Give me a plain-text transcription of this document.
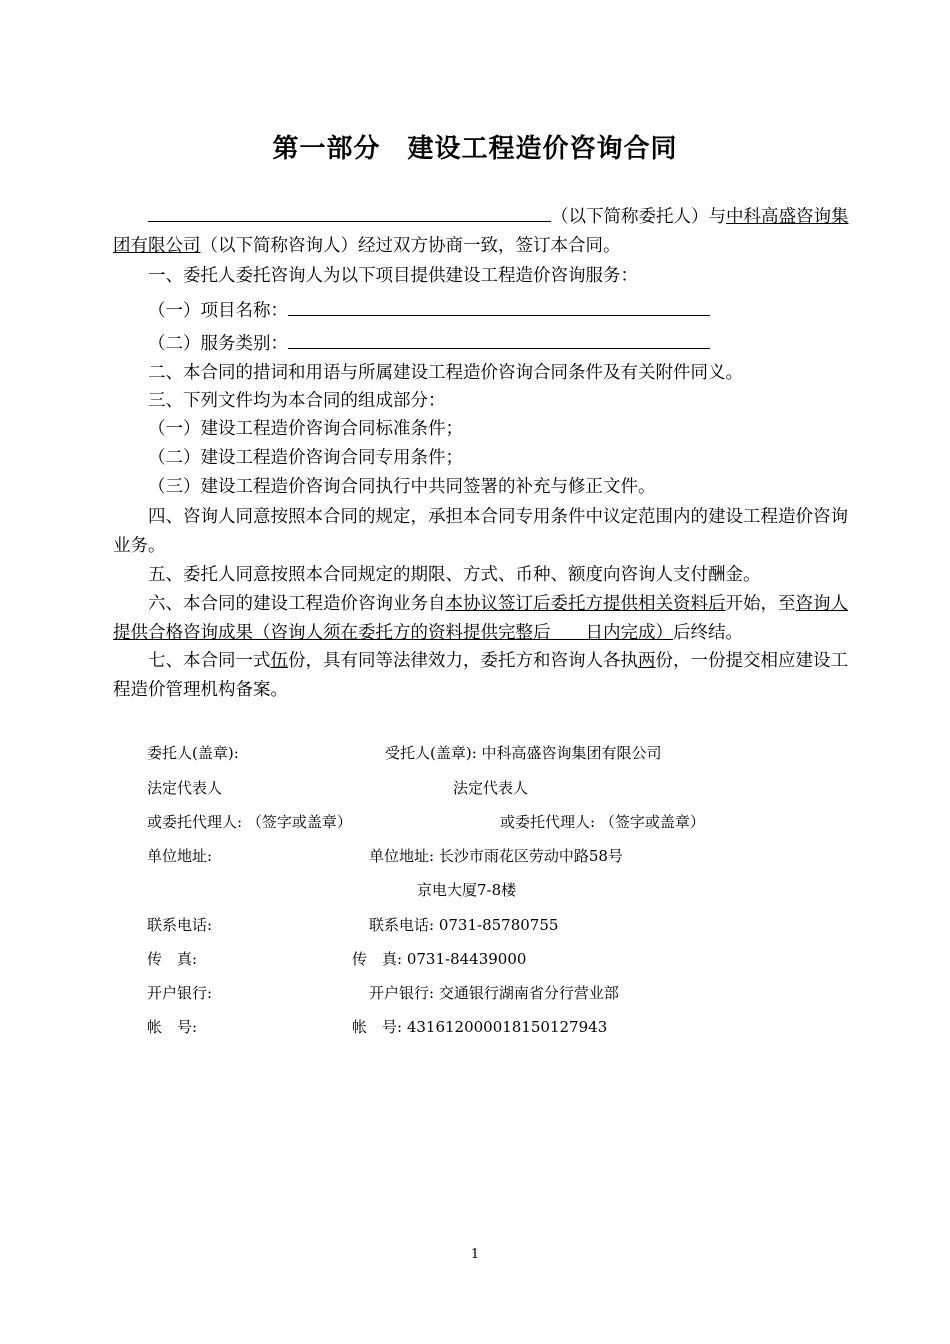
第一部分　建设工程造价咨询合同

（以下简称委托人）与中科高盛咨询集团有限公司（以下简称咨询人）经过双方协商一致，签订本合同。

一、委托人委托咨询人为以下项目提供建设工程造价咨询服务：

（一）项目名称：

（二）服务类别：

二、本合同的措词和用语与所属建设工程造价咨询合同条件及有关附件同义。

三、下列文件均为本合同的组成部分：

（一）建设工程造价咨询合同标准条件；

（二）建设工程造价咨询合同专用条件；

（三）建设工程造价咨询合同执行中共同签署的补充与修正文件。

四、咨询人同意按照本合同的规定，承担本合同专用条件中议定范围内的建设工程造价咨询业务。

五、委托人同意按照本合同规定的期限、方式、币种、额度向咨询人支付酬金。

六、本合同的建设工程造价咨询业务自本协议签订后委托方提供相关资料后开始，至咨询人提供合格咨询成果（咨询人须在委托方的资料提供完整后　　日内完成）后终结。

七、本合同一式伍份，具有同等法律效力，委托方和咨询人各执两份，一份提交相应建设工程造价管理机构备案。

委托人(盖章):	受托人(盖章): 中科高盛咨询集团有限公司
法定代表人	法定代表人
或委托代理人: （签字或盖章）	或委托代理人: （签字或盖章）
单位地址:	单位地址: 长沙市雨花区劳动中路58号
京电大厦7-8楼
联系电话:	联系电话: 0731-85780755
传　真:	传　真: 0731-84439000
开户银行:	开户银行: 交通银行湖南省分行营业部
帐　号:	帐　号: 431612000018150127943
1
